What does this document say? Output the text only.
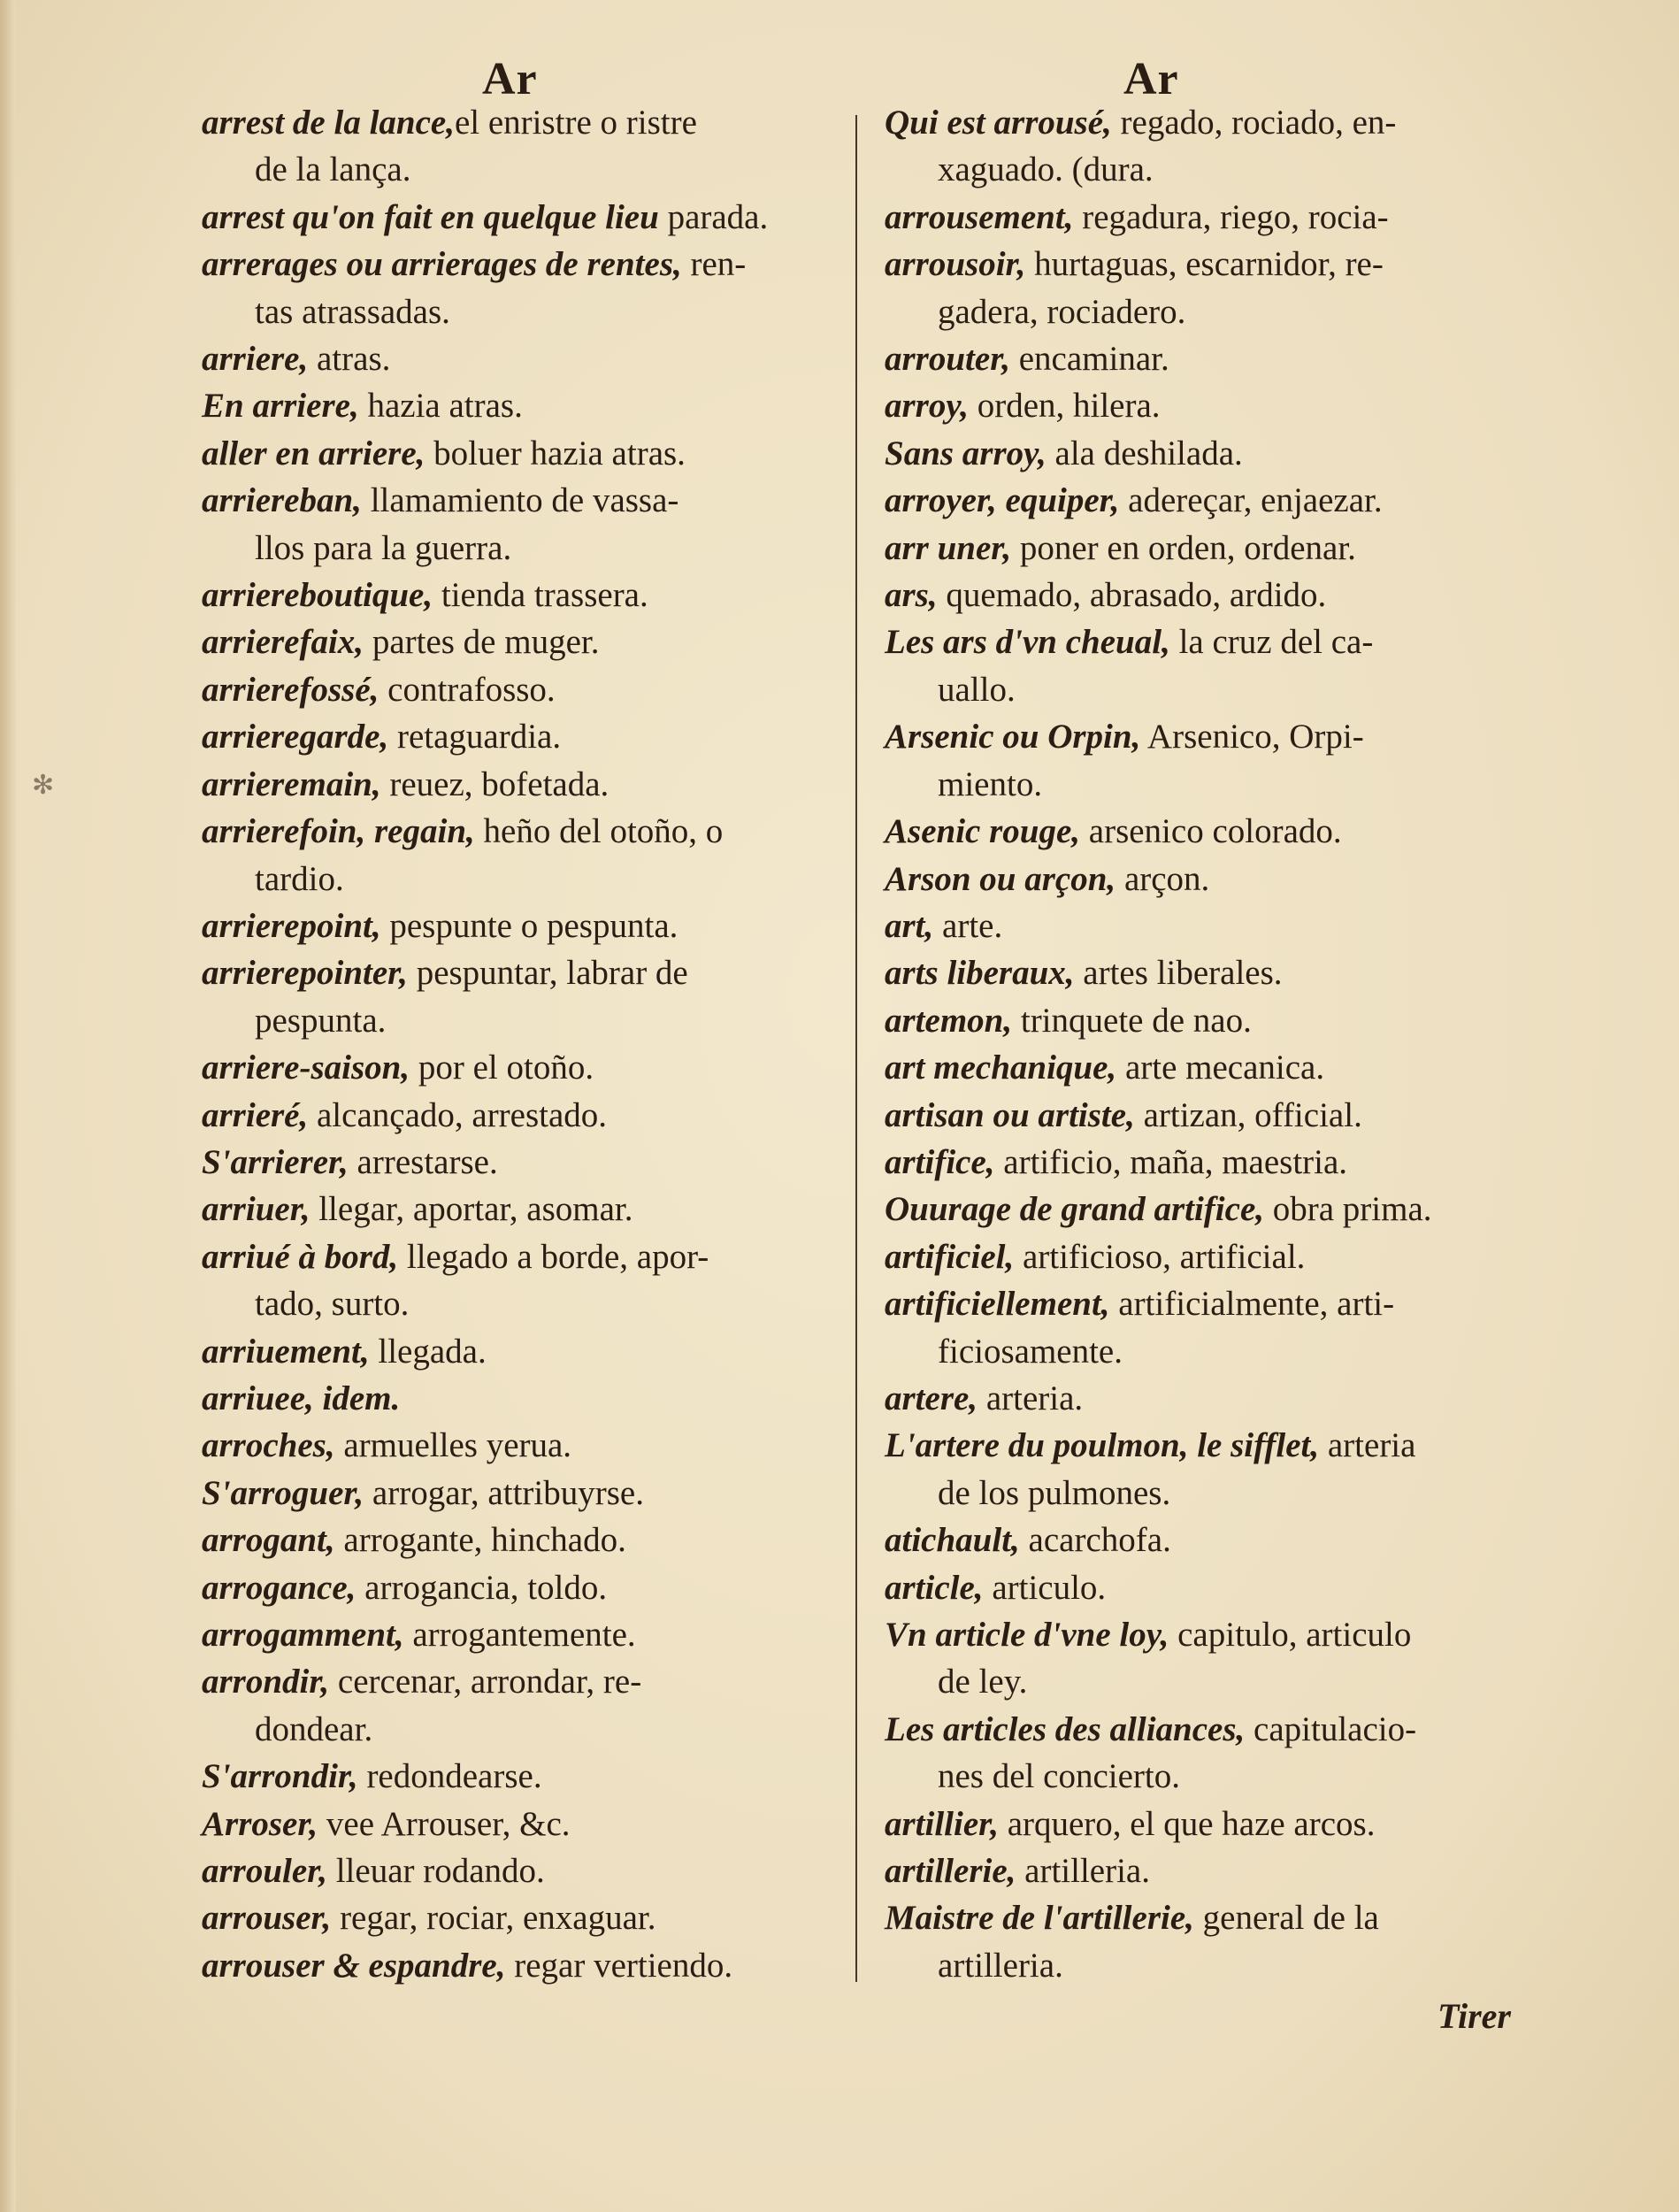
Ar	Ar
arrest de la lance,el enristre o ristre
de la lança.
arrest qu'on fait en quelque lieu parada.
arrerages ou arrierages de rentes, ren-
tas atrassadas.
arriere, atras.
En arriere, hazia atras.
aller en arriere, boluer hazia atras.
arriereban, llamamiento de vassa-
llos para la guerra.
arriereboutique, tienda trassera.
arrierefaix, partes de muger.
arrierefossé, contrafosso.
arrieregarde, retaguardia.
arrieremain, reuez, bofetada.
arrierefoin, regain, heño del otoño, o
tardio.
arrierepoint, pespunte o pespunta.
arrierepointer, pespuntar, labrar de
pespunta.
arriere-saison, por el otoño.
arrieré, alcançado, arrestado.
S'arrierer, arrestarse.
arriuer, llegar, aportar, asomar.
arriué à bord, llegado a borde, apor-
tado, surto.
arriuement, llegada.
arriuee, idem.
arroches, armuelles yerua.
S'arroguer, arrogar, attribuyrse.
arrogant, arrogante, hinchado.
arrogance, arrogancia, toldo.
arrogamment, arrogantemente.
arrondir, cercenar, arrondar, re-
dondear.
S'arrondir, redondearse.
Arroser, vee Arrouser, &c.
arrouler, lleuar rodando.
arrouser, regar, rociar, enxaguar.
arrouser & espandre, regar vertiendo.
Qui est arrousé, regado, rociado, en-
xaguado. (dura.
arrousement, regadura, riego, rocia-
arrousoir, hurtaguas, escarnidor, re-
gadera, rociadero.
arrouter, encaminar.
arroy, orden, hilera.
Sans arroy, ala deshilada.
arroyer, equiper, adereçar, enjaezar.
arr uner, poner en orden, ordenar.
ars, quemado, abrasado, ardido.
Les ars d'vn cheual, la cruz del ca-
uallo.
Arsenic ou Orpin, Arsenico, Orpi-
miento.
Asenic rouge, arsenico colorado.
Arson ou arçon, arçon.
art, arte.
arts liberaux, artes liberales.
artemon, trinquete de nao.
art mechanique, arte mecanica.
artisan ou artiste, artizan, official.
artifice, artificio, maña, maestria.
Ouurage de grand artifice, obra prima.
artificiel, artificioso, artificial.
artificiellement, artificialmente, arti-
ficiosamente.
artere, arteria.
L'artere du poulmon, le sifflet, arteria
de los pulmones.
atichault, acarchofa.
article, articulo.
Vn article d'vne loy, capitulo, articulo
de ley.
Les articles des alliances, capitulacio-
nes del concierto.
artillier, arquero, el que haze arcos.
artillerie, artilleria.
Maistre de l'artillerie, general de la
artilleria.
Tirer
✻
